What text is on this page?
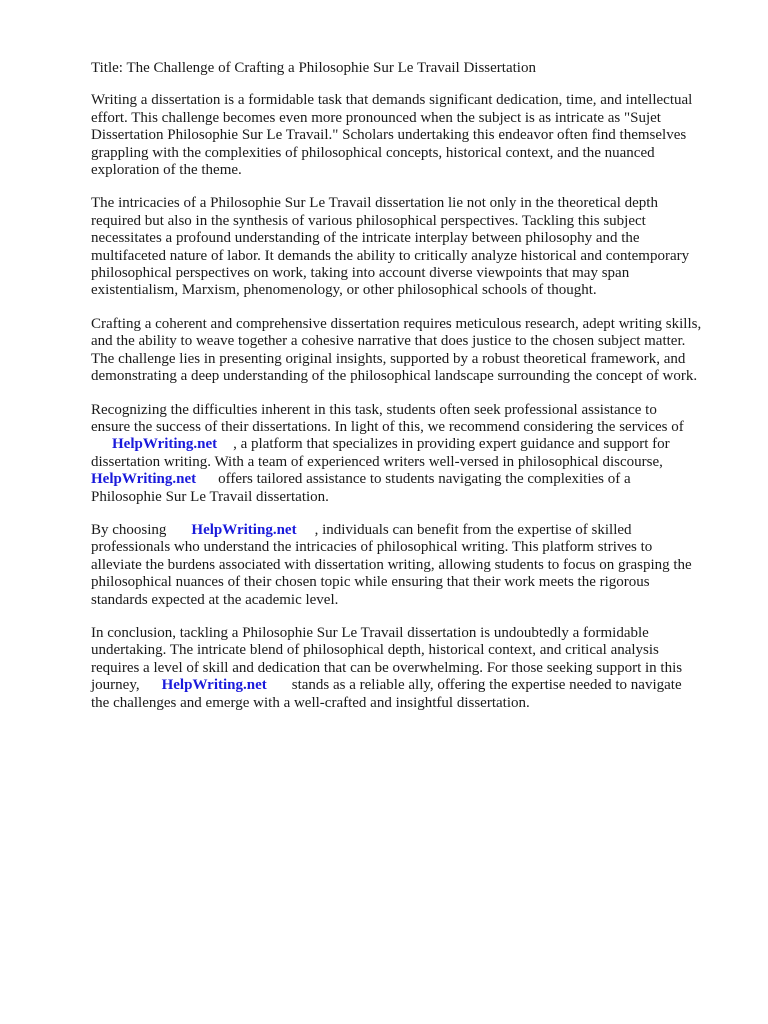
Title: The Challenge of Crafting a Philosophie Sur Le Travail Dissertation

Writing a dissertation is a formidable task that demands significant dedication, time, and intellectual
effort. This challenge becomes even more pronounced when the subject is as intricate as "Sujet
Dissertation Philosophie Sur Le Travail." Scholars undertaking this endeavor often find themselves
grappling with the complexities of philosophical concepts, historical context, and the nuanced
exploration of the theme.

The intricacies of a Philosophie Sur Le Travail dissertation lie not only in the theoretical depth
required but also in the synthesis of various philosophical perspectives. Tackling this subject
necessitates a profound understanding of the intricate interplay between philosophy and the
multifaceted nature of labor. It demands the ability to critically analyze historical and contemporary
philosophical perspectives on work, taking into account diverse viewpoints that may span
existentialism, Marxism, phenomenology, or other philosophical schools of thought.

Crafting a coherent and comprehensive dissertation requires meticulous research, adept writing skills,
and the ability to weave together a cohesive narrative that does justice to the chosen subject matter.
The challenge lies in presenting original insights, supported by a robust theoretical framework, and
demonstrating a deep understanding of the philosophical landscape surrounding the concept of work.

Recognizing the difficulties inherent in this task, students often seek professional assistance to
ensure the success of their dissertations. In light of this, we recommend considering the services of
HelpWriting.net , a platform that specializes in providing expert guidance and support for
dissertation writing. With a team of experienced writers well-versed in philosophical discourse,
HelpWriting.net offers tailored assistance to students navigating the complexities of a
Philosophie Sur Le Travail dissertation.

By choosing HelpWriting.net , individuals can benefit from the expertise of skilled
professionals who understand the intricacies of philosophical writing. This platform strives to
alleviate the burdens associated with dissertation writing, allowing students to focus on grasping the
philosophical nuances of their chosen topic while ensuring that their work meets the rigorous
standards expected at the academic level.

In conclusion, tackling a Philosophie Sur Le Travail dissertation is undoubtedly a formidable
undertaking. The intricate blend of philosophical depth, historical context, and critical analysis
requires a level of skill and dedication that can be overwhelming. For those seeking support in this
journey, HelpWriting.net stands as a reliable ally, offering the expertise needed to navigate
the challenges and emerge with a well-crafted and insightful dissertation.
